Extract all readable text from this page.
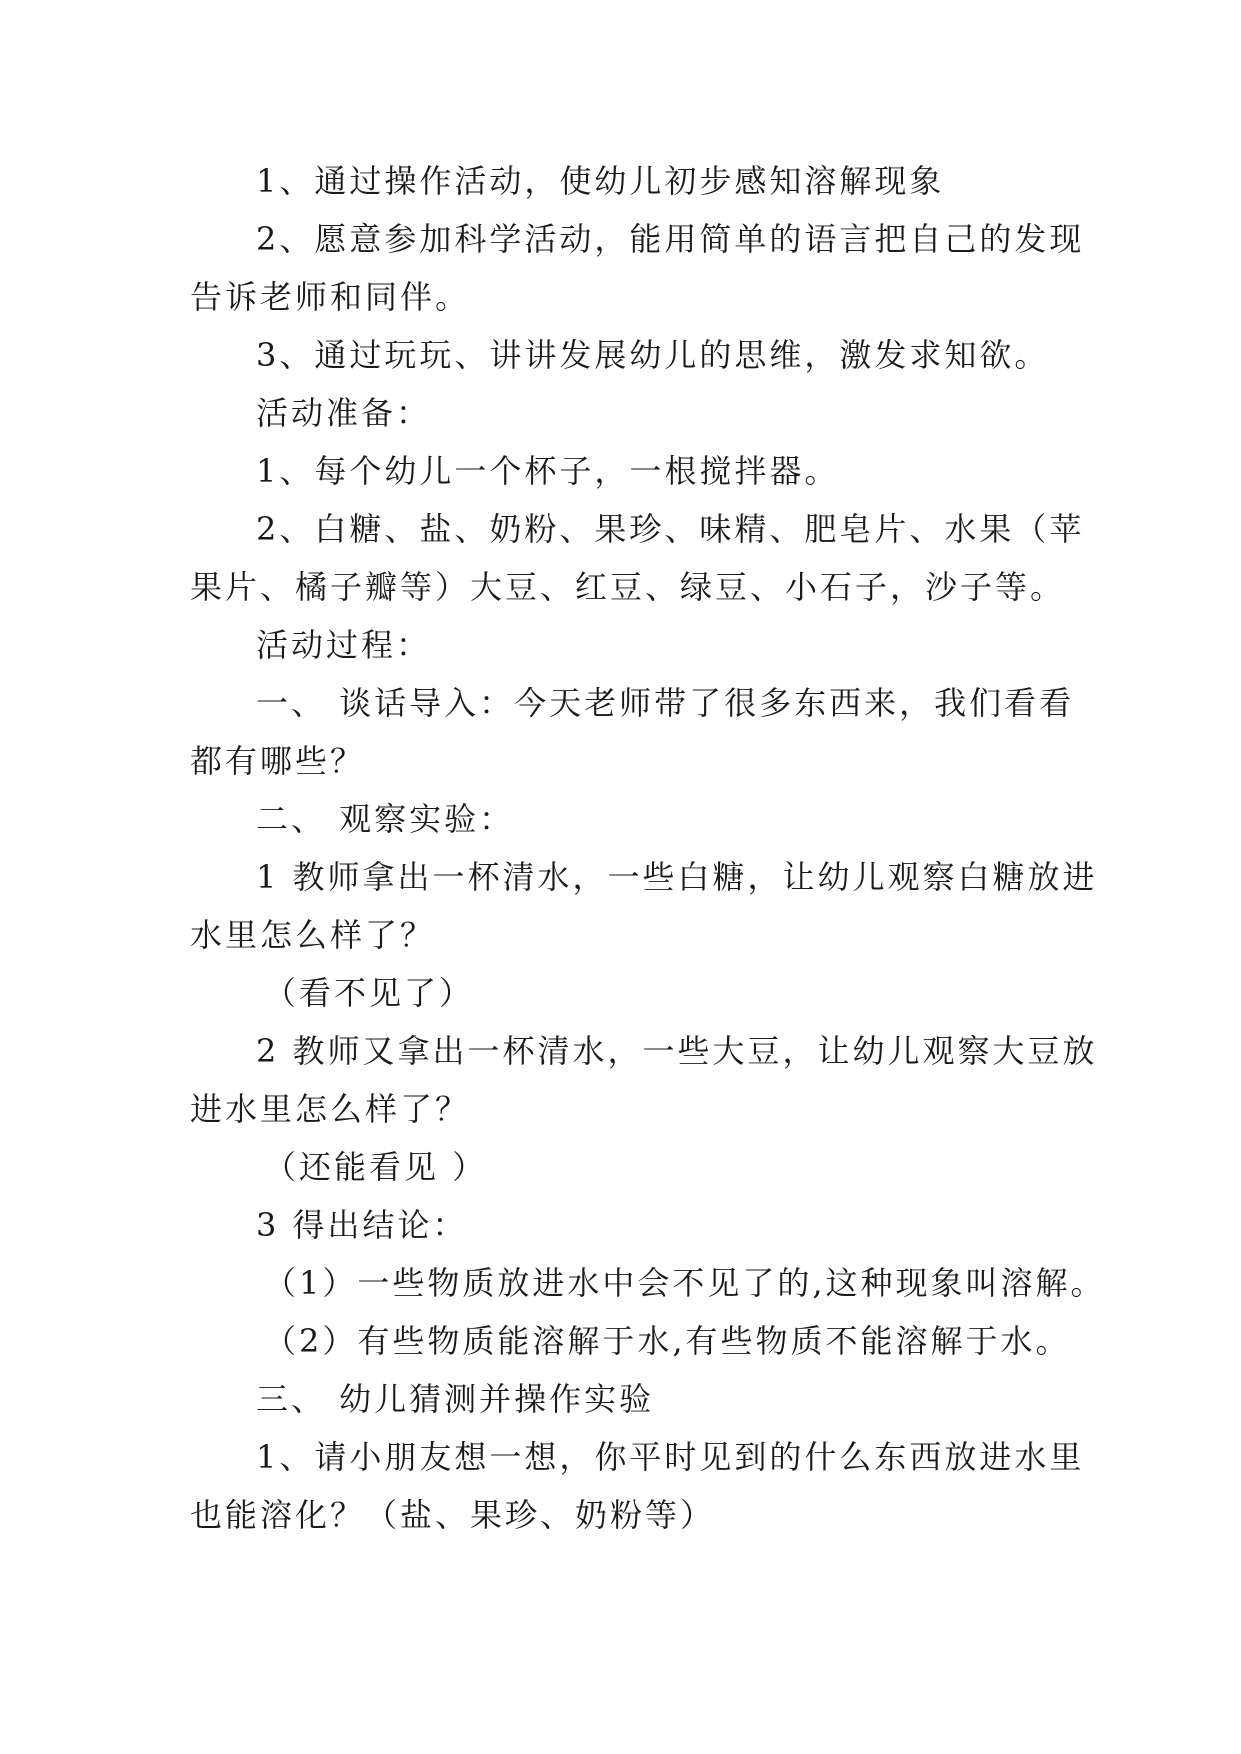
1、通过操作活动，使幼儿初步感知溶解现象
2、愿意参加科学活动，能用简单的语言把自己的发现
告诉老师和同伴。
3、通过玩玩、讲讲发展幼儿的思维，激发求知欲。
活动准备：
1、每个幼儿一个杯子，一根搅拌器。
2、白糖、盐、奶粉、果珍、味精、肥皂片、水果（苹
果片、橘子瓣等）大豆、红豆、绿豆、小石子，沙子等。
活动过程：
一、 谈话导入：今天老师带了很多东西来，我们看看
都有哪些？
二、 观察实验：
1 教师拿出一杯清水，一些白糖，让幼儿观察白糖放进
水里怎么样了？
（看不见了）
2 教师又拿出一杯清水，一些大豆，让幼儿观察大豆放
进水里怎么样了？
（还能看见 ）
3 得出结论：
（1）一些物质放进水中会不见了的,这种现象叫溶解。
（2）有些物质能溶解于水,有些物质不能溶解于水。
三、 幼儿猜测并操作实验
1、请小朋友想一想，你平时见到的什么东西放进水里
也能溶化？（盐、果珍、奶粉等）
